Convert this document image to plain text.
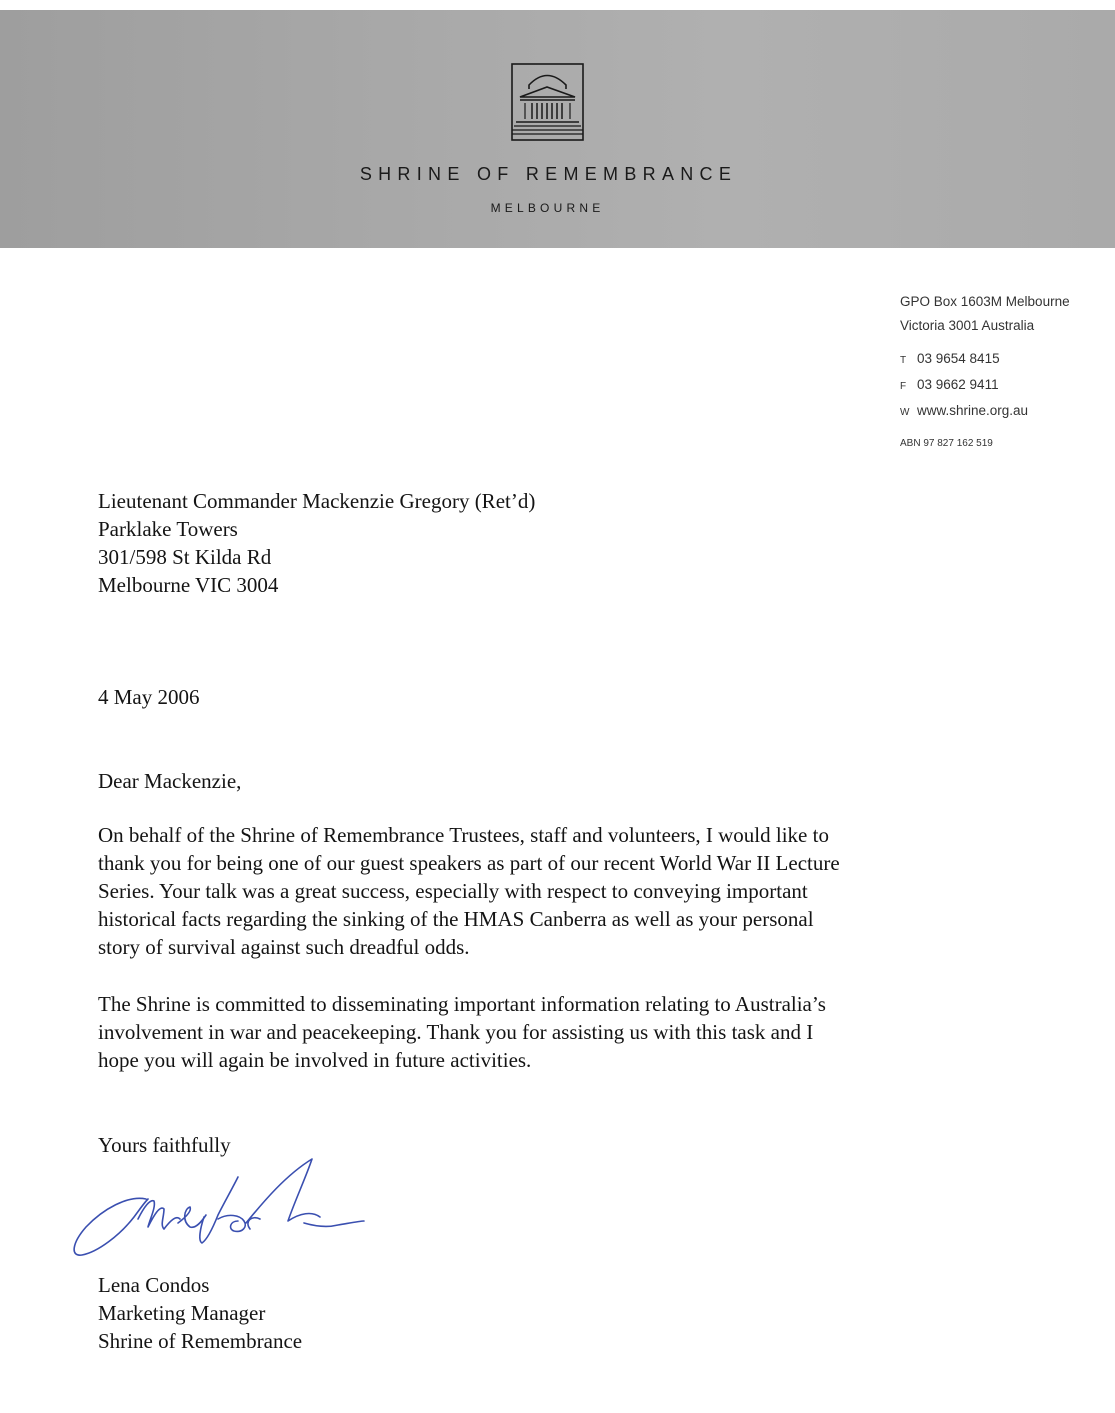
SHRINE OF REMEMBRANCE
MELBOURNE
GPO Box 1603M Melbourne
Victoria 3001 Australia
T 03 9654 8415
F 03 9662 9411
W www.shrine.org.au
ABN 97 827 162 519
Lieutenant Commander Mackenzie Gregory (Ret’d)
Parklake Towers
301/598 St Kilda Rd
Melbourne VIC 3004
4 May 2006
Dear Mackenzie,
On behalf of the Shrine of Remembrance Trustees, staff and volunteers, I would like to
thank you for being one of our guest speakers as part of our recent World War II Lecture
Series. Your talk was a great success, especially with respect to conveying important
historical facts regarding the sinking of the HMAS Canberra as well as your personal
story of survival against such dreadful odds.
The Shrine is committed to disseminating important information relating to Australia’s
involvement in war and peacekeeping. Thank you for assisting us with this task and I
hope you will again be involved in future activities.
Yours faithfully
Lena Condos
Marketing Manager
Shrine of Remembrance
